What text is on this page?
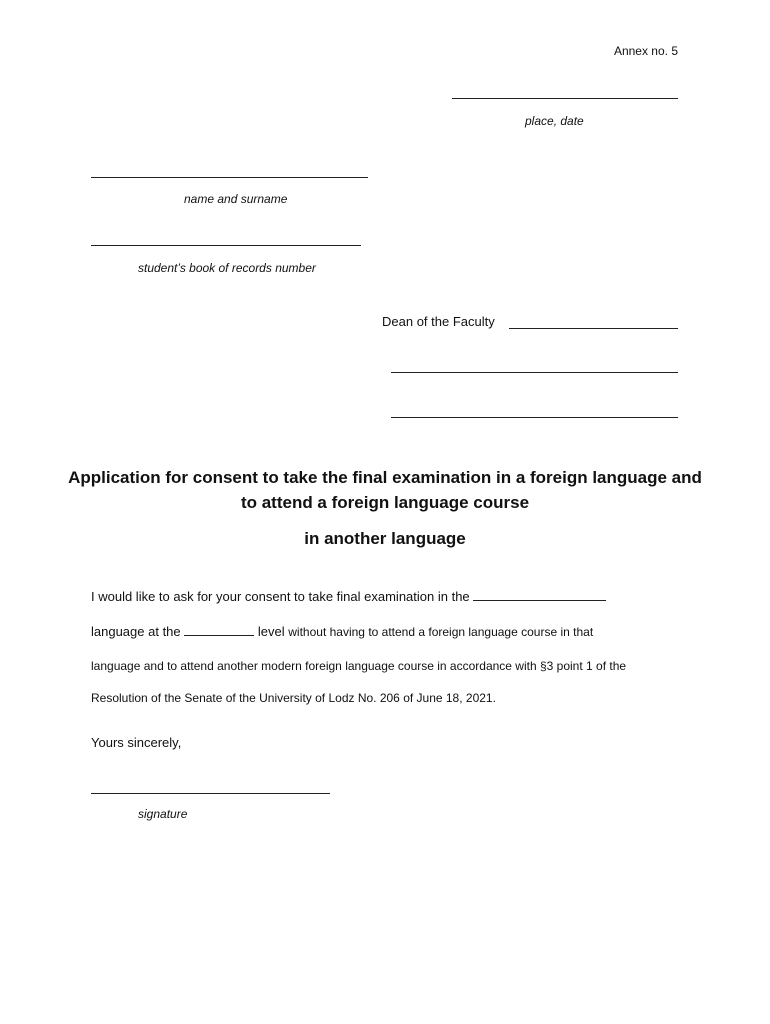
Annex no. 5
place, date
name and surname
student’s book of records number
Dean of the Faculty
Application for consent to take the final examination in a foreign language and to attend a foreign language course
in another language
I would like to ask for your consent to take final examination in the
language at the	level without having to attend a foreign language course in that
language and to attend another modern foreign language course in accordance with §3 point 1 of the
Resolution of the Senate of the University of Lodz No. 206 of June 18, 2021.
Yours sincerely,
signature
